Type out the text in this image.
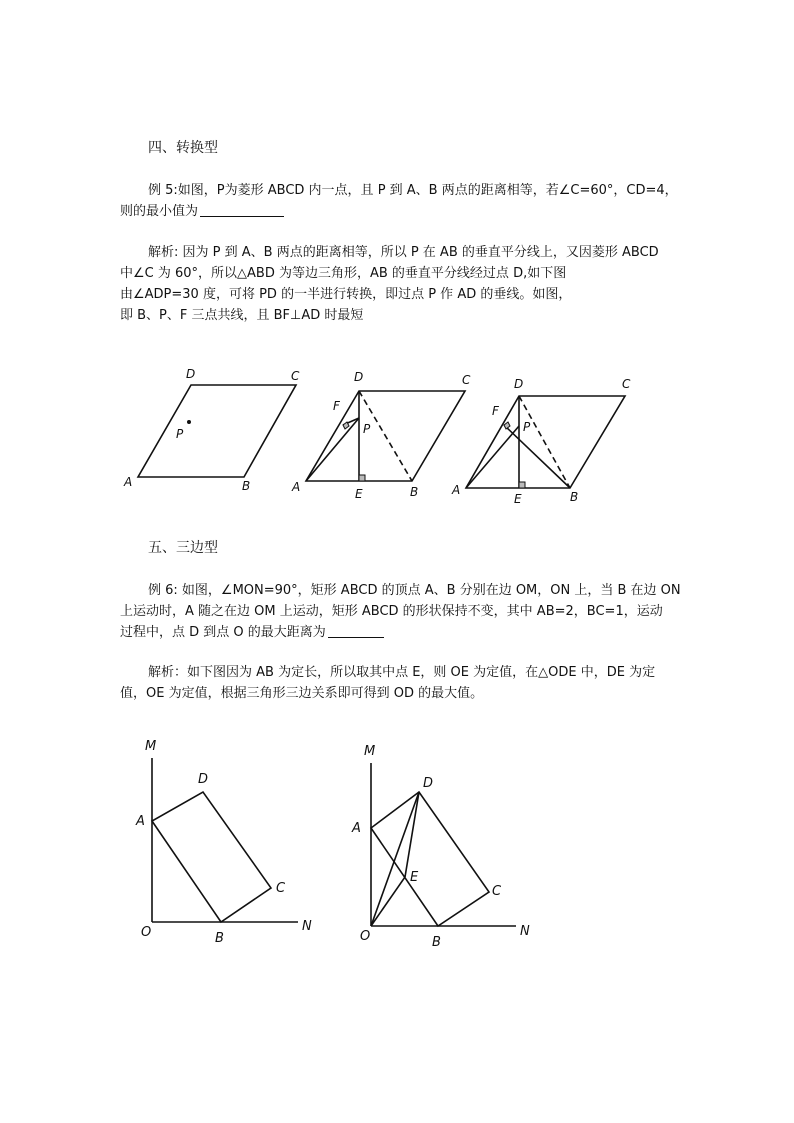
四、转换型
例 5:如图，P为菱形 ABCD 内一点，且 P 到 A、B 两点的距离相等，若∠C=60°，CD=4，
则的最小值为
解析: 因为 P 到 A、B 两点的距离相等，所以 P 在 AB 的垂直平分线上，又因菱形 ABCD
中∠C 为 60°，所以△ABD 为等边三角形，AB 的垂直平分线经过点 D,如下图
由∠ADP=30 度，可将 PD 的一半进行转换，即过点 P 作 AD 的垂线。如图，
即 B、P、F 三点共线，且 BF⊥AD 时最短
五、三边型
例 6: 如图，∠MON=90°，矩形 ABCD 的顶点 A、B 分别在边 OM，ON 上，当 B 在边 ON
上运动时，A 随之在边 OM 上运动，矩形 ABCD 的形状保持不变，其中 AB=2，BC=1，运动
过程中，点 D 到点 O 的最大距离为
解析：如下图因为 AB 为定长，所以取其中点 E，则 OE 为定值，在△ODE 中，DE 为定
值，OE 为定值，根据三角形三边关系即可得到 OD 的最大值。
D	C
P
A	B
D	C
F
P
A	E	B
D	C
F
P
A
E	B
M
D
A
C
O	B
N
M
D
A
E
C
O	B
N
